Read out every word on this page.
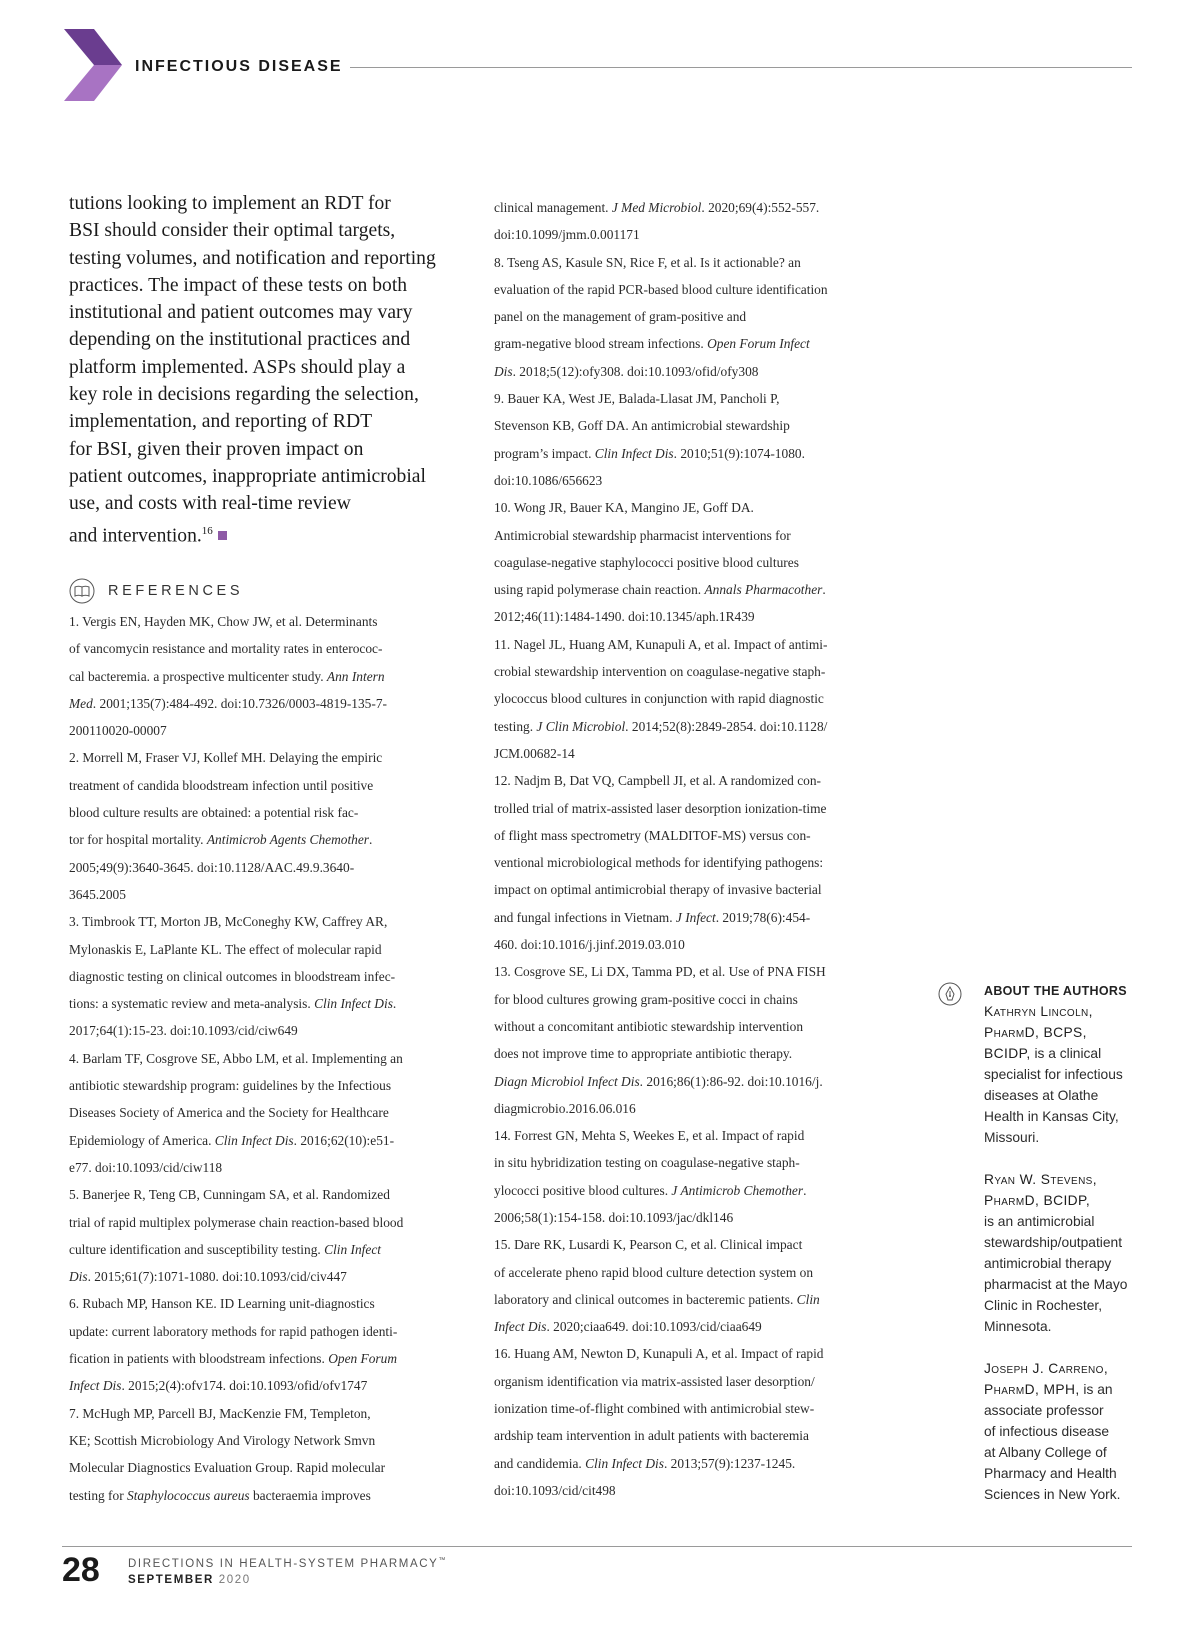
INFECTIOUS DISEASE

tutions looking to implement an RDT for
BSI should consider their optimal targets,
testing volumes, and notification and reporting
practices. The impact of these tests on both
institutional and patient outcomes may vary
depending on the institutional practices and
platform implemented. ASPs should play a
key role in decisions regarding the selection,
implementation, and reporting of RDT
for BSI, given their proven impact on
patient outcomes, inappropriate antimicrobial
use, and costs with real-time review
and intervention.$^{16}$

REFERENCES
1. Vergis EN, Hayden MK, Chow JW, et al. Determinants
of vancomycin resistance and mortality rates in enterococ-
cal bacteremia. a prospective multicenter study. Ann Intern
Med. 2001;135(7):484-492. doi:10.7326/0003-4819-135-7-
200110020-00007
2. Morrell M, Fraser VJ, Kollef MH. Delaying the empiric
treatment of candida bloodstream infection until positive
blood culture results are obtained: a potential risk fac-
tor for hospital mortality. Antimicrob Agents Chemother.
2005;49(9):3640-3645. doi:10.1128/AAC.49.9.3640-
3645.2005
3. Timbrook TT, Morton JB, McConeghy KW, Caffrey AR,
Mylonaskis E, LaPlante KL. The effect of molecular rapid
diagnostic testing on clinical outcomes in bloodstream infec-
tions: a systematic review and meta-analysis. Clin Infect Dis.
2017;64(1):15-23. doi:10.1093/cid/ciw649
4. Barlam TF, Cosgrove SE, Abbo LM, et al. Implementing an
antibiotic stewardship program: guidelines by the Infectious
Diseases Society of America and the Society for Healthcare
Epidemiology of America. Clin Infect Dis. 2016;62(10):e51-
e77. doi:10.1093/cid/ciw118
5. Banerjee R, Teng CB, Cunningam SA, et al. Randomized
trial of rapid multiplex polymerase chain reaction-based blood
culture identification and susceptibility testing. Clin Infect
Dis. 2015;61(7):1071-1080. doi:10.1093/cid/civ447
6. Rubach MP, Hanson KE. ID Learning unit-diagnostics
update: current laboratory methods for rapid pathogen identi-
fication in patients with bloodstream infections. Open Forum
Infect Dis. 2015;2(4):ofv174. doi:10.1093/ofid/ofv1747
7. McHugh MP, Parcell BJ, MacKenzie FM, Templeton,
KE; Scottish Microbiology And Virology Network Smvn
Molecular Diagnostics Evaluation Group. Rapid molecular
testing for Staphylococcus aureus bacteraemia improves
clinical management. J Med Microbiol. 2020;69(4):552-557.
doi:10.1099/jmm.0.001171
8. Tseng AS, Kasule SN, Rice F, et al. Is it actionable? an
evaluation of the rapid PCR-based blood culture identification
panel on the management of gram-positive and
gram-negative blood stream infections. Open Forum Infect
Dis. 2018;5(12):ofy308. doi:10.1093/ofid/ofy308
9. Bauer KA, West JE, Balada-Llasat JM, Pancholi P,
Stevenson KB, Goff DA. An antimicrobial stewardship
program’s impact. Clin Infect Dis. 2010;51(9):1074-1080.
doi:10.1086/656623
10. Wong JR, Bauer KA, Mangino JE, Goff DA.
Antimicrobial stewardship pharmacist interventions for
coagulase-negative staphylococci positive blood cultures
using rapid polymerase chain reaction. Annals Pharmacother.
2012;46(11):1484-1490. doi:10.1345/aph.1R439
11. Nagel JL, Huang AM, Kunapuli A, et al. Impact of antimi-
crobial stewardship intervention on coagulase-negative staph-
ylococcus blood cultures in conjunction with rapid diagnostic
testing. J Clin Microbiol. 2014;52(8):2849-2854. doi:10.1128/
JCM.00682-14
12. Nadjm B, Dat VQ, Campbell JI, et al. A randomized con-
trolled trial of matrix-assisted laser desorption ionization-time
of flight mass spectrometry (MALDITOF-MS) versus con-
ventional microbiological methods for identifying pathogens:
impact on optimal antimicrobial therapy of invasive bacterial
and fungal infections in Vietnam. J Infect. 2019;78(6):454-
460. doi:10.1016/j.jinf.2019.03.010
13. Cosgrove SE, Li DX, Tamma PD, et al. Use of PNA FISH
for blood cultures growing gram-positive cocci in chains
without a concomitant antibiotic stewardship intervention
does not improve time to appropriate antibiotic therapy.
Diagn Microbiol Infect Dis. 2016;86(1):86-92. doi:10.1016/j.
diagmicrobio.2016.06.016
14. Forrest GN, Mehta S, Weekes E, et al. Impact of rapid
in situ hybridization testing on coagulase-negative staph-
ylococci positive blood cultures. J Antimicrob Chemother.
2006;58(1):154-158. doi:10.1093/jac/dkl146
15. Dare RK, Lusardi K, Pearson C, et al. Clinical impact
of accelerate pheno rapid blood culture detection system on
laboratory and clinical outcomes in bacteremic patients. Clin
Infect Dis. 2020;ciaa649. doi:10.1093/cid/ciaa649
16. Huang AM, Newton D, Kunapuli A, et al. Impact of rapid
organism identification via matrix-assisted laser desorption/
ionization time-of-flight combined with antimicrobial stew-
ardship team intervention in adult patients with bacteremia
and candidemia. Clin Infect Dis. 2013;57(9):1237-1245.
doi:10.1093/cid/cit498
ABOUT THE AUTHORS
Kathryn Lincoln,
PharmD, BCPS,
BCIDP, is a clinical
specialist for infectious
diseases at Olathe
Health in Kansas City,
Missouri.
Ryan W. Stevens,
PharmD, BCIDP,
is an antimicrobial
stewardship/outpatient
antimicrobial therapy
pharmacist at the Mayo
Clinic in Rochester,
Minnesota.
Joseph J. Carreno,
PharmD, MPH, is an
associate professor
of infectious disease
at Albany College of
Pharmacy and Health
Sciences in New York.
28 DIRECTIONS IN HEALTH-SYSTEM PHARMACY™
SEPTEMBER 2020
